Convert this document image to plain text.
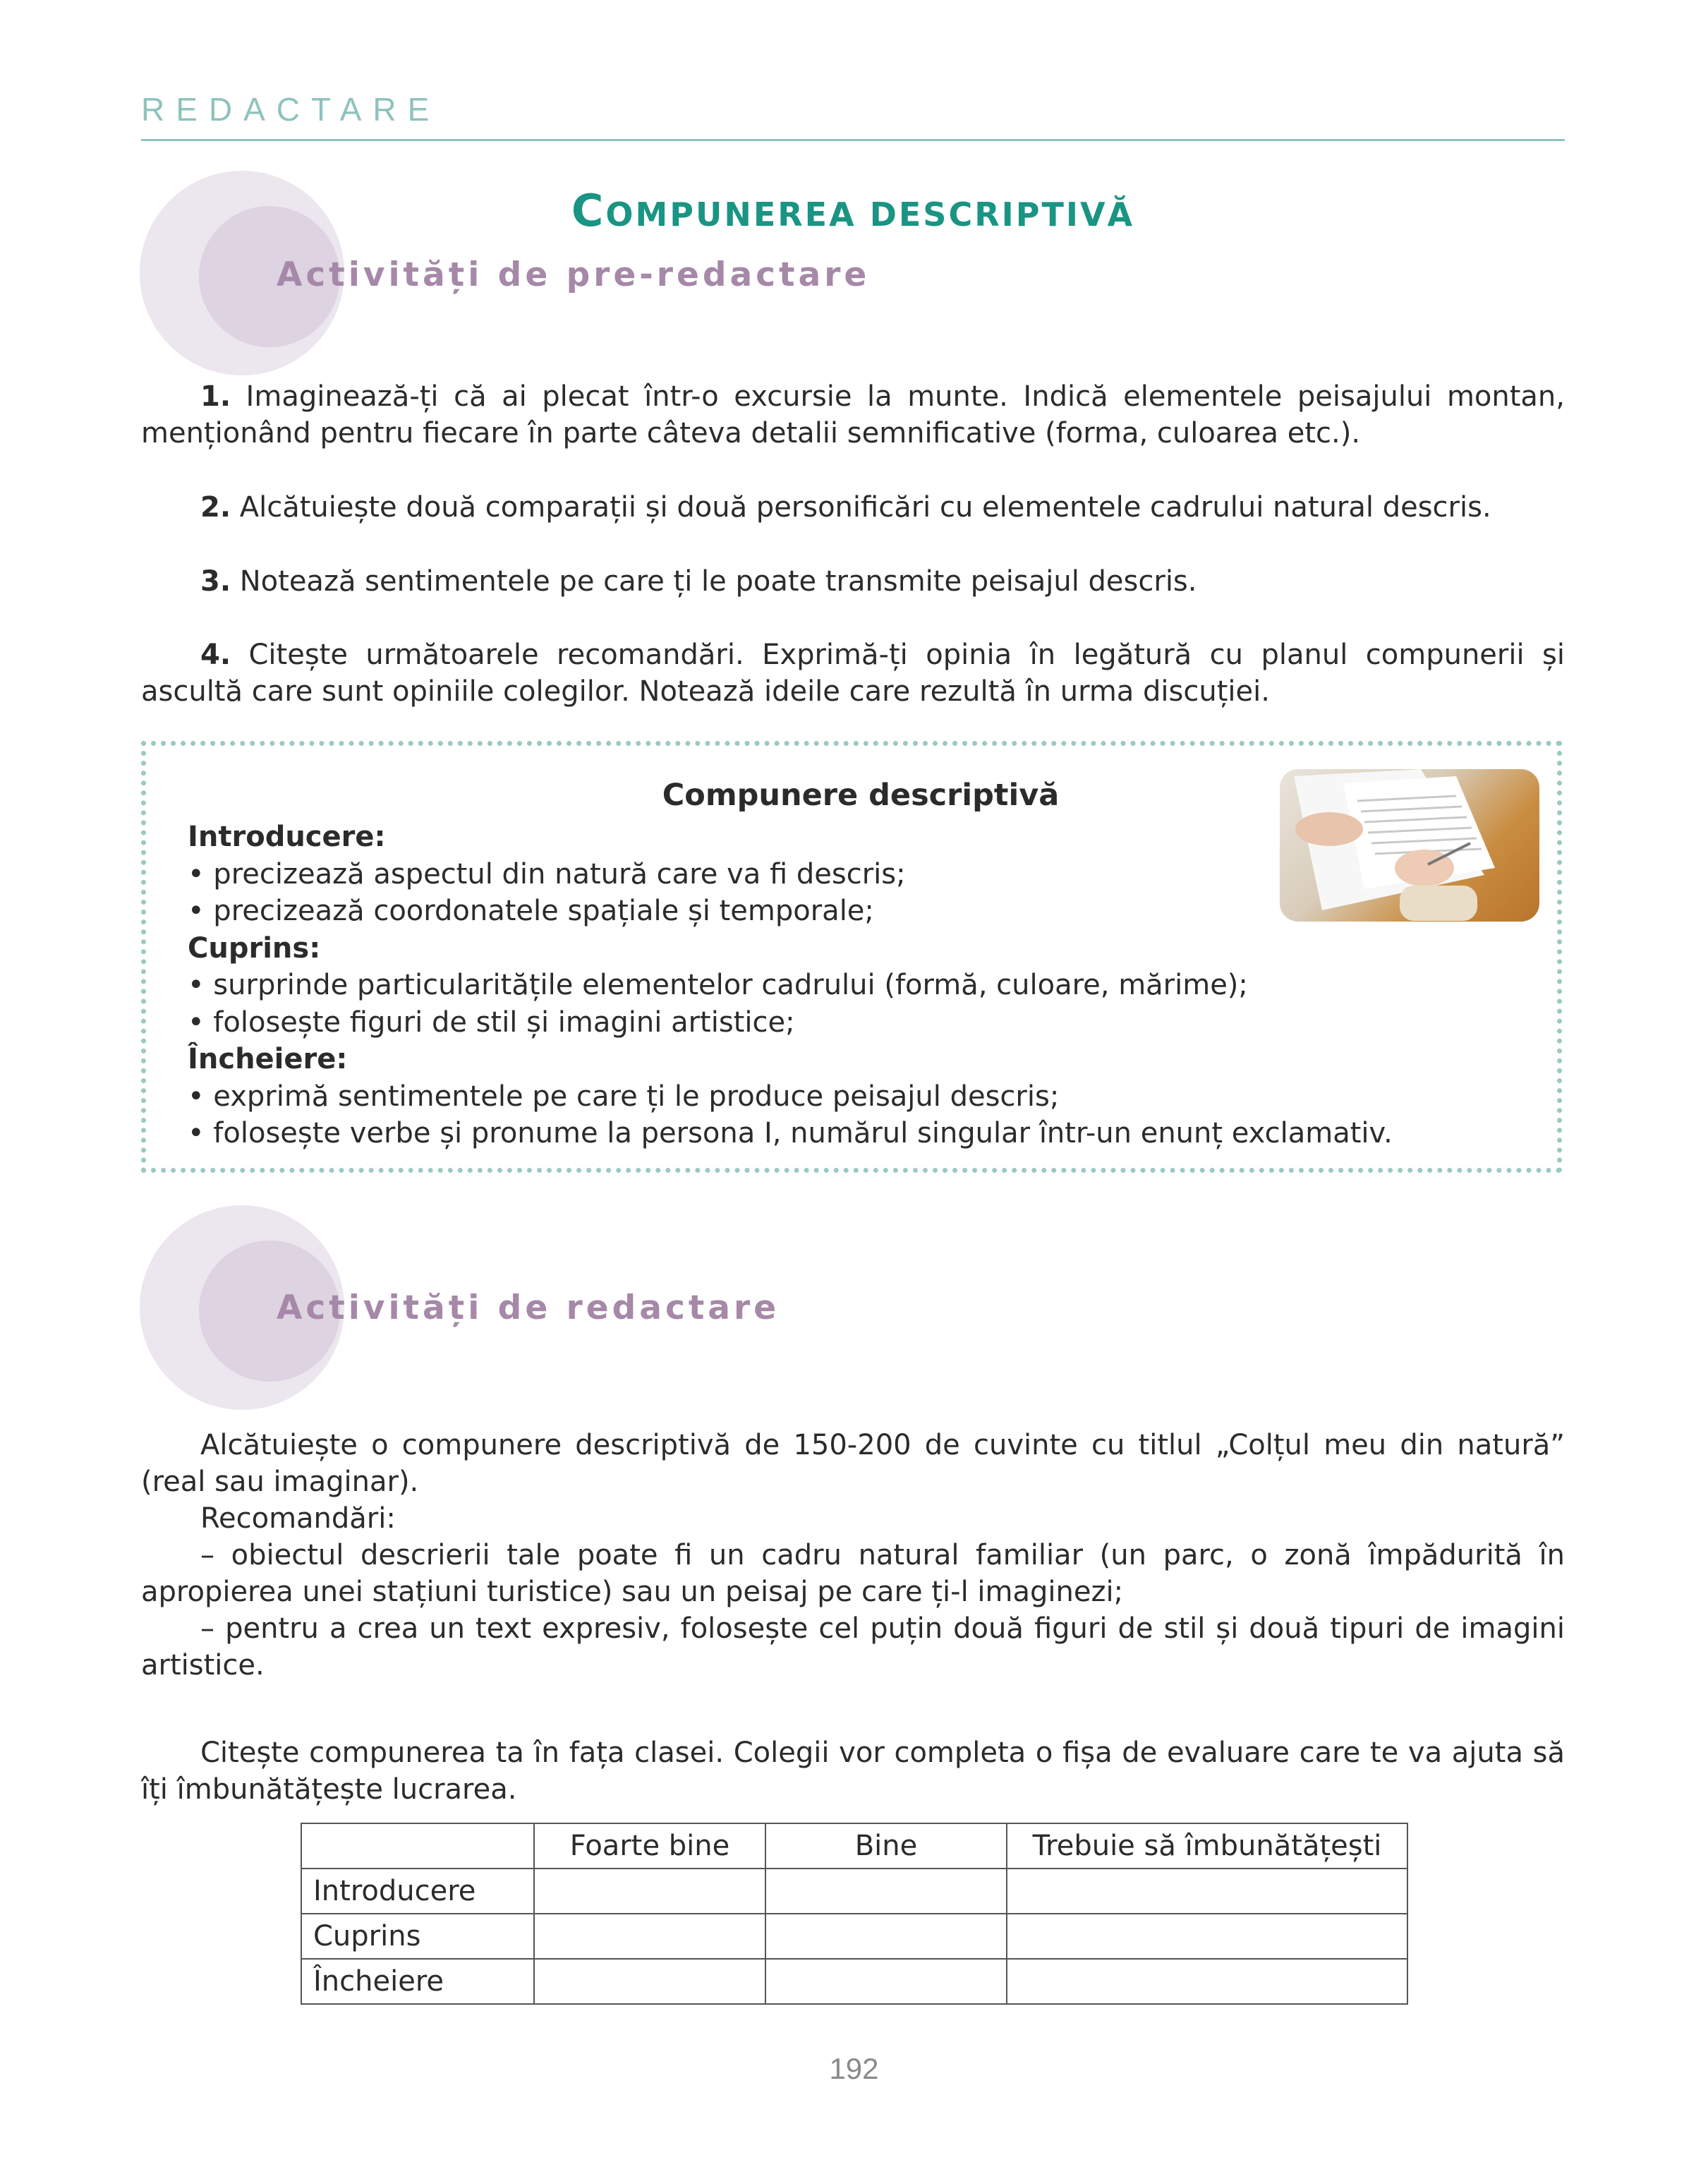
REDACTARE
COMPUNEREA DESCRIPTIVĂ
Activități de pre-redactare

1. Imaginează-ți că ai plecat într-o excursie la munte. Indică elementele peisajului montan, menționând pentru fiecare în parte câteva detalii semnificative (forma, culoarea etc.).

2. Alcătuiește două comparații și două personificări cu elementele cadrului natural descris.

3. Notează sentimentele pe care ți le poate transmite peisajul descris.

4. Citește următoarele recomandări. Exprimă-ți opinia în legătură cu planul compunerii și ascultă care sunt opiniile colegilor. Notează ideile care rezultă în urma discuției.

Compunere descriptivă
Introducere:
• precizează aspectul din natură care va fi descris;
• precizează coordonatele spațiale și temporale;
Cuprins:
• surprinde particularitățile elementelor cadrului (formă, culoare, mărime);
• folosește figuri de stil și imagini artistice;
Încheiere:
• exprimă sentimentele pe care ți le produce peisajul descris;
• folosește verbe și pronume la persona I, numărul singular într-un enunț exclamativ.
Activități de redactare

Alcătuiește o compunere descriptivă de 150-200 de cuvinte cu titlul „Colțul meu din natură” (real sau imaginar).

Recomandări:

– obiectul descrierii tale poate fi un cadru natural familiar (un parc, o zonă împădurită în apropierea unei stațiuni turistice) sau un peisaj pe care ți-l imaginezi;

– pentru a crea un text expresiv, folosește cel puțin două figuri de stil și două tipuri de imagini artistice.

Citește compunerea ta în fața clasei. Colegii vor completa o fișa de evaluare care te va ajuta să îți îmbunătățește lucrarea.

	Foarte bine	Bine	Trebuie să îmbunătățești
Introducere			
Cuprins			
Încheiere			
192
